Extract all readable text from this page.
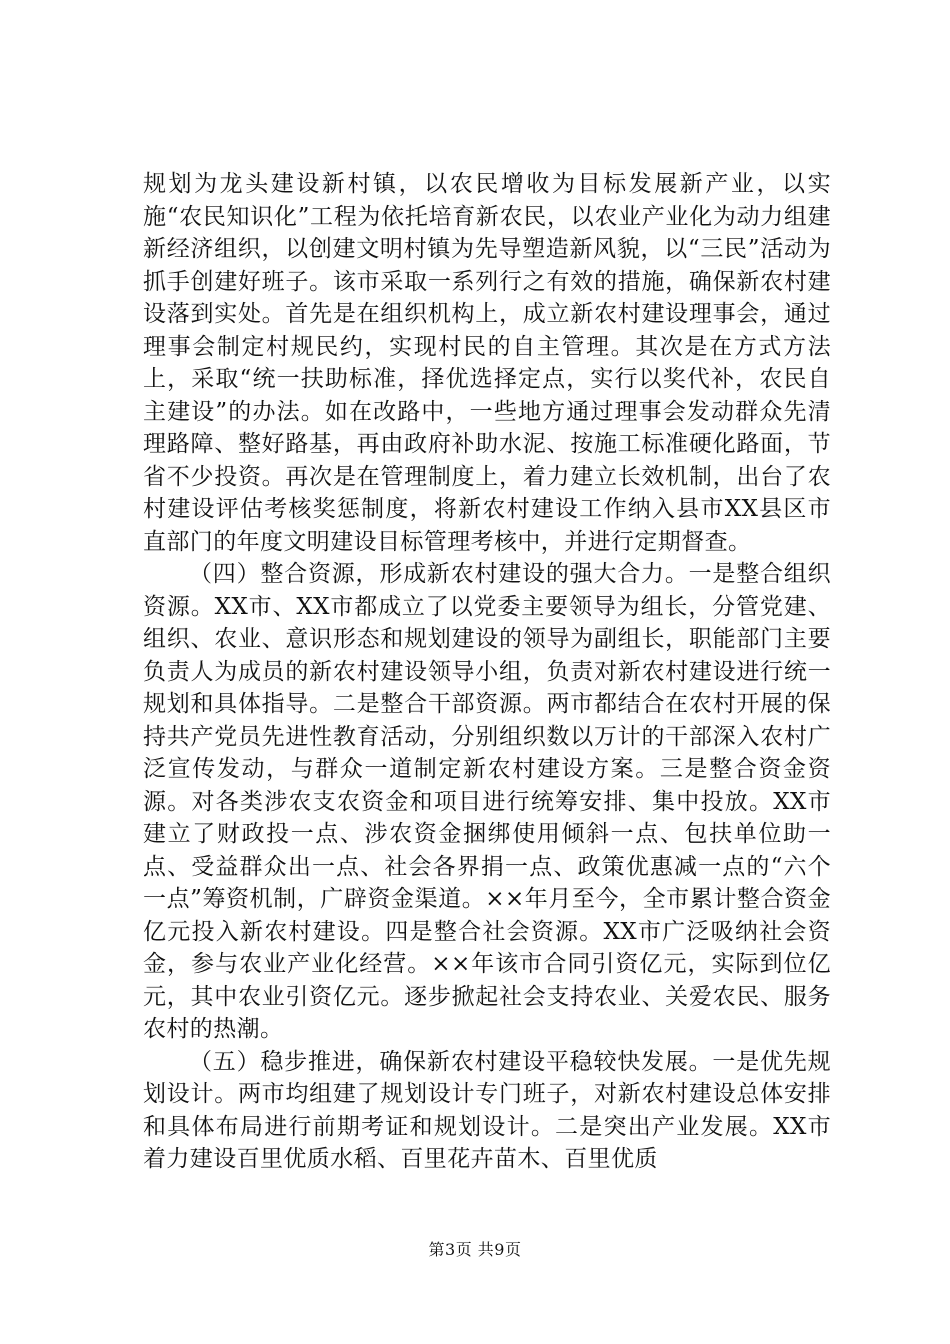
规划为龙头建设新村镇，以农民增收为目标发展新产业，以实施“农民知识化”工程为依托培育新农民，以农业产业化为动力组建新经济组织，以创建文明村镇为先导塑造新风貌，以“三民”活动为抓手创建好班子。该市采取一系列行之有效的措施，确保新农村建设落到实处。首先是在组织机构上，成立新农村建设理事会，通过理事会制定村规民约，实现村民的自主管理。其次是在方式方法上，采取“统一扶助标准，择优选择定点，实行以奖代补，农民自主建设”的办法。如在改路中，一些地方通过理事会发动群众先清理路障、整好路基，再由政府补助水泥、按施工标准硬化路面，节省不少投资。再次是在管理制度上，着力建立长效机制，出台了农村建设评估考核奖惩制度，将新农村建设工作纳入县市XX县区市直部门的年度文明建设目标管理考核中，并进行定期督查。

（四）整合资源，形成新农村建设的强大合力。一是整合组织资源。XX市、XX市都成立了以党委主要领导为组长，分管党建、组织、农业、意识形态和规划建设的领导为副组长，职能部门主要负责人为成员的新农村建设领导小组，负责对新农村建设进行统一规划和具体指导。二是整合干部资源。两市都结合在农村开展的保持共产党员先进性教育活动，分别组织数以万计的干部深入农村广泛宣传发动，与群众一道制定新农村建设方案。三是整合资金资源。对各类涉农支农资金和项目进行统筹安排、集中投放。XX市建立了财政投一点、涉农资金捆绑使用倾斜一点、包扶单位助一点、受益群众出一点、社会各界捐一点、政策优惠减一点的“六个一点”筹资机制，广辟资金渠道。××年月至今，全市累计整合资金亿元投入新农村建设。四是整合社会资源。XX市广泛吸纳社会资金，参与农业产业化经营。××年该市合同引资亿元，实际到位亿元，其中农业引资亿元。逐步掀起社会支持农业、关爱农民、服务农村的热潮。

（五）稳步推进，确保新农村建设平稳较快发展。一是优先规划设计。两市均组建了规划设计专门班子，对新农村建设总体安排和具体布局进行前期考证和规划设计。二是突出产业发展。XX市着力建设百里优质水稻、百里花卉苗木、百里优质

第3页 共9页
